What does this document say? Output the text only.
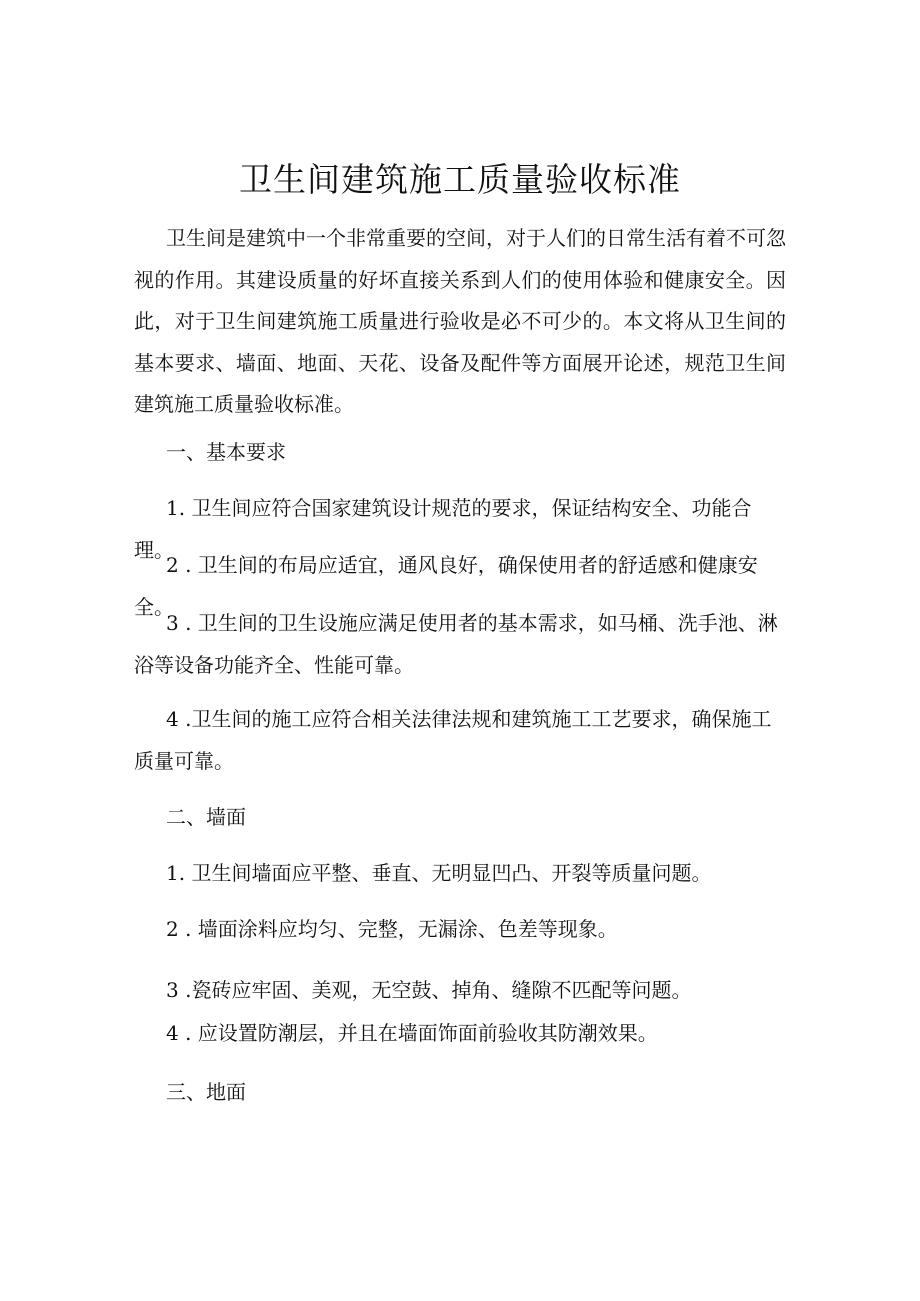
卫生间建筑施工质量验收标准

卫生间是建筑中一个非常重要的空间，对于人们的日常生活有着不可忽视的作用。其建设质量的好坏直接关系到人们的使用体验和健康安全。因此，对于卫生间建筑施工质量进行验收是必不可少的。本文将从卫生间的基本要求、墙面、地面、天花、设备及配件等方面展开论述，规范卫生间建筑施工质量验收标准。

一、基本要求

1. 卫生间应符合国家建筑设计规范的要求，保证结构安全、功能合理。

2 . 卫生间的布局应适宜，通风良好，确保使用者的舒适感和健康安全。

3 . 卫生间的卫生设施应满足使用者的基本需求，如马桶、洗手池、淋浴等设备功能齐全、性能可靠。

4 .卫生间的施工应符合相关法律法规和建筑施工工艺要求，确保施工质量可靠。

二、墙面

1. 卫生间墙面应平整、垂直、无明显凹凸、开裂等质量问题。

2 . 墙面涂料应均匀、完整，无漏涂、色差等现象。

3 .瓷砖应牢固、美观，无空鼓、掉角、缝隙不匹配等问题。

4 . 应设置防潮层，并且在墙面饰面前验收其防潮效果。

三、地面
